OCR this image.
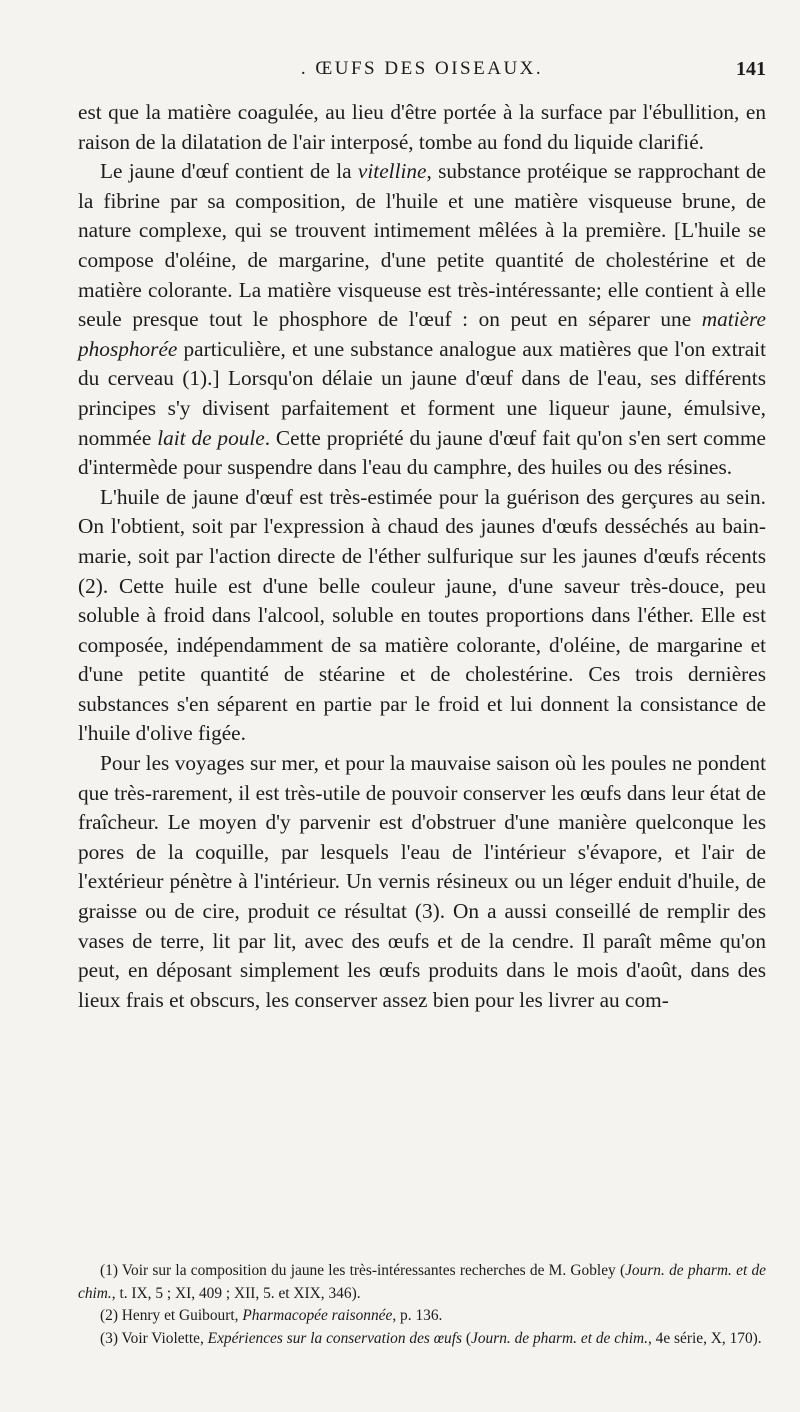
. ŒUFS DES OISEAUX.	141

est que la matière coagulée, au lieu d'être portée à la surface par l'ébullition, en raison de la dilatation de l'air interposé, tombe au fond du liquide clarifié.

Le jaune d'œuf contient de la vitelline, substance protéique se rapprochant de la fibrine par sa composition, de l'huile et une matière visqueuse brune, de nature complexe, qui se trouvent intimement mêlées à la première. [L'huile se compose d'oléine, de margarine, d'une petite quantité de cholestérine et de matière colorante. La matière visqueuse est très-intéressante; elle contient à elle seule presque tout le phosphore de l'œuf : on peut en séparer une matière phosphorée particulière, et une substance analogue aux matières que l'on extrait du cerveau (1).] Lorsqu'on délaie un jaune d'œuf dans de l'eau, ses différents principes s'y divisent parfaitement et forment une liqueur jaune, émulsive, nommée lait de poule. Cette propriété du jaune d'œuf fait qu'on s'en sert comme d'intermède pour suspendre dans l'eau du camphre, des huiles ou des résines.

L'huile de jaune d'œuf est très-estimée pour la guérison des gerçures au sein. On l'obtient, soit par l'expression à chaud des jaunes d'œufs desséchés au bain-marie, soit par l'action directe de l'éther sulfurique sur les jaunes d'œufs récents (2). Cette huile est d'une belle couleur jaune, d'une saveur très-douce, peu soluble à froid dans l'alcool, soluble en toutes proportions dans l'éther. Elle est composée, indépendamment de sa matière colorante, d'oléine, de margarine et d'une petite quantité de stéarine et de cholestérine. Ces trois dernières substances s'en séparent en partie par le froid et lui donnent la consistance de l'huile d'olive figée.

Pour les voyages sur mer, et pour la mauvaise saison où les poules ne pondent que très-rarement, il est très-utile de pouvoir conserver les œufs dans leur état de fraîcheur. Le moyen d'y parvenir est d'obstruer d'une manière quelconque les pores de la coquille, par lesquels l'eau de l'intérieur s'évapore, et l'air de l'extérieur pénètre à l'intérieur. Un vernis résineux ou un léger enduit d'huile, de graisse ou de cire, produit ce résultat (3). On a aussi conseillé de remplir des vases de terre, lit par lit, avec des œufs et de la cendre. Il paraît même qu'on peut, en déposant simplement les œufs produits dans le mois d'août, dans des lieux frais et obscurs, les conserver assez bien pour les livrer au com-

(1) Voir sur la composition du jaune les très-intéressantes recherches de M. Gobley (Journ. de pharm. et de chim., t. IX, 5 ; XI, 409 ; XII, 5. et XIX, 346).

(2) Henry et Guibourt, Pharmacopée raisonnée, p. 136.

(3) Voir Violette, Expériences sur la conservation des œufs (Journ. de pharm. et de chim., 4e série, X, 170).
